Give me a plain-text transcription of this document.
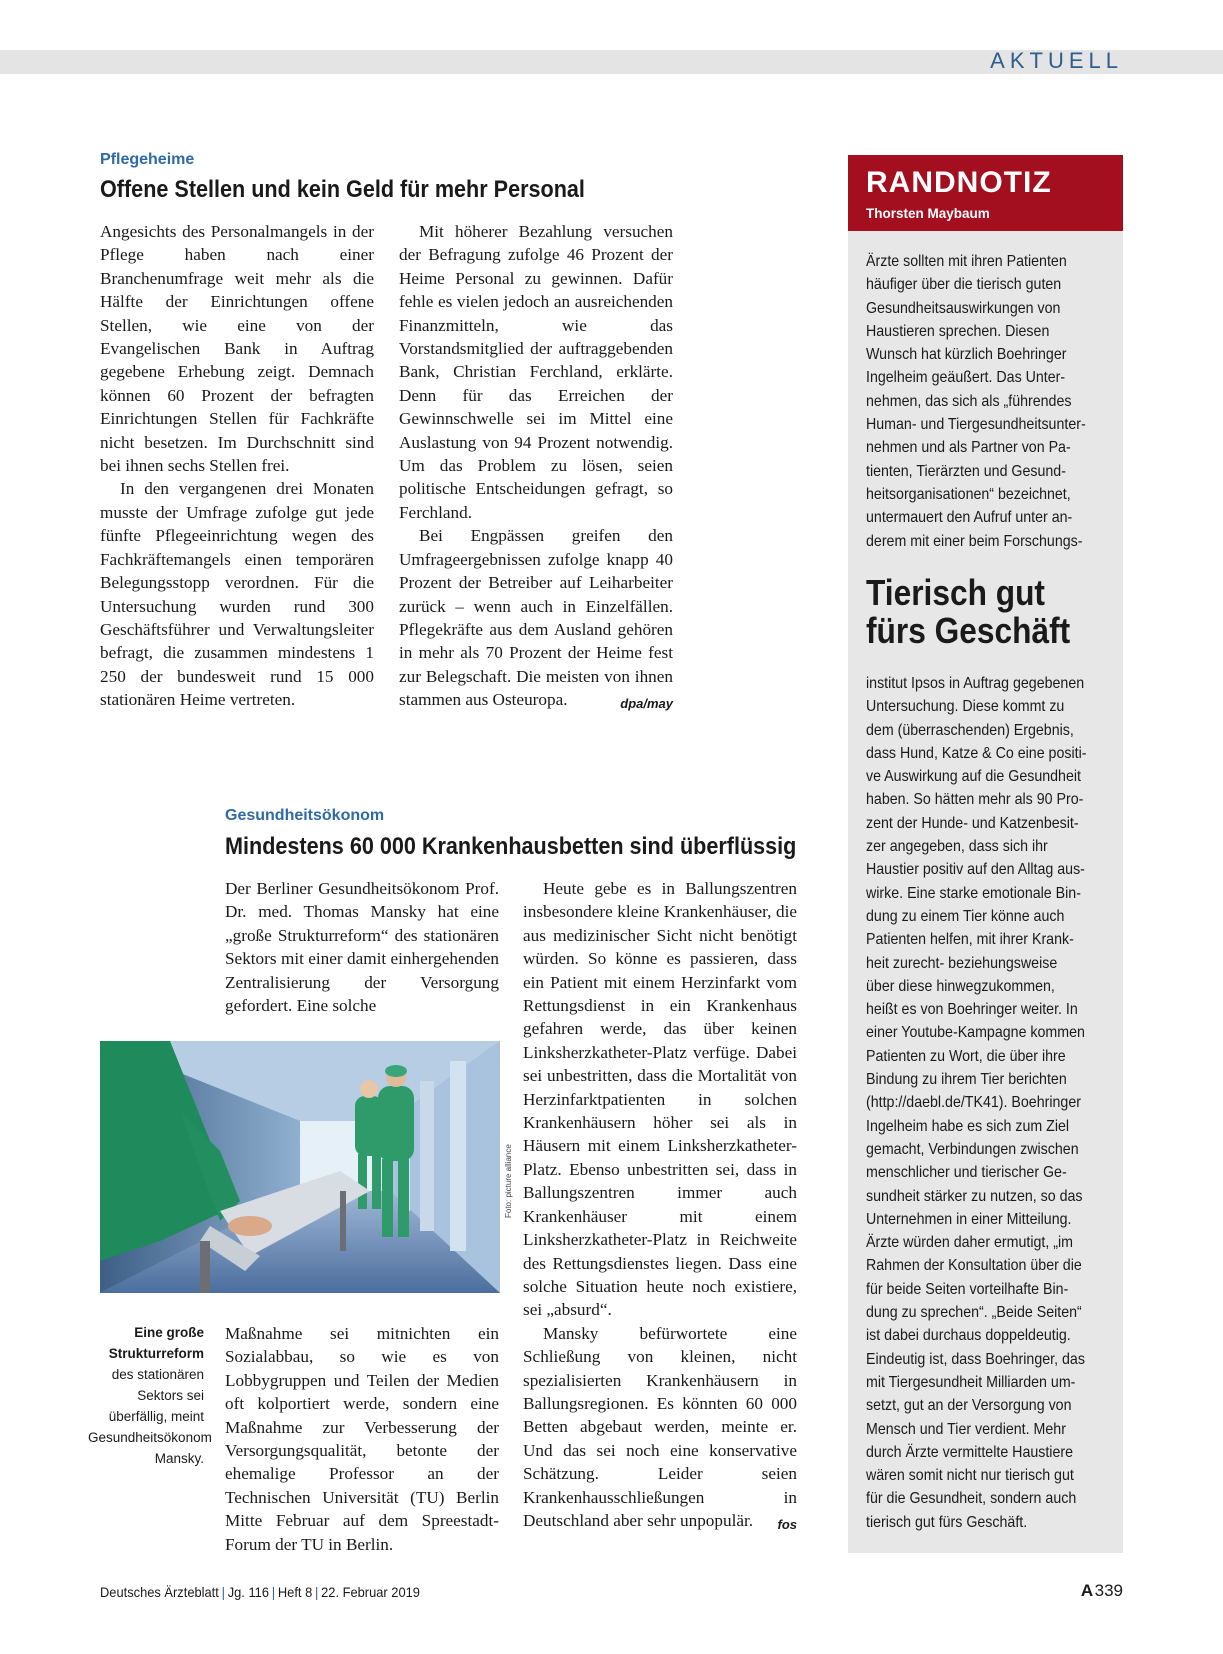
AKTUELL
Pflegeheime
Offene Stellen und kein Geld für mehr Personal

Angesichts des Personalmangels in der Pflege haben nach einer Branchenumfrage weit mehr als die Hälfte der Einrichtungen offene Stellen, wie eine von der Evangelischen Bank in Auftrag gegebene Erhebung zeigt. Demnach können 60 Prozent der befragten Einrichtungen Stellen für Fachkräfte nicht besetzen. Im Durchschnitt sind bei ihnen sechs Stellen frei.

In den vergangenen drei Monaten musste der Umfrage zufolge gut jede fünfte Pflegeeinrichtung wegen des Fachkräftemangels einen temporären Belegungsstopp verordnen. Für die Untersuchung wurden rund 300 Geschäftsführer und Verwaltungsleiter befragt, die zusammen mindestens 1 250 der bundesweit rund 15 000 stationären Heime vertreten.

Mit höherer Bezahlung versuchen der Befragung zufolge 46 Prozent der Heime Personal zu gewinnen. Dafür fehle es vielen jedoch an ausreichenden Finanzmitteln, wie das Vorstandsmitglied der auftraggebenden Bank, Christian Ferchland, erklärte. Denn für das Erreichen der Gewinnschwelle sei im Mittel eine Auslastung von 94 Prozent notwendig. Um das Problem zu lösen, seien politische Entscheidungen gefragt, so Ferchland.

Bei Engpässen greifen den Umfrageergebnissen zufolge knapp 40 Prozent der Betreiber auf Leiharbeiter zurück – wenn auch in Einzelfällen. Pflegekräfte aus dem Ausland gehören in mehr als 70 Prozent der Heime fest zur Belegschaft. Die meisten von ihnen stammen aus Osteuropa.	dpa/may

Gesundheitsökonom
Mindestens 60 000 Krankenhausbetten sind überflüssig

Der Berliner Gesundheitsökonom Prof. Dr. med. Thomas Mansky hat eine „große Strukturreform“ des stationären Sektors mit einer damit einhergehenden Zentralisierung der Versorgung gefordert. Eine solche

Foto: picture alliance
Eine große Strukturreform des stationären Sektors sei überfällig, meint Gesundheitsökonom Mansky.

Maßnahme sei mitnichten ein Sozialabbau, so wie es von Lobbygruppen und Teilen der Medien oft kolportiert werde, sondern eine Maßnahme zur Verbesserung der Versorgungsqualität, betonte der ehemalige Professor an der Technischen Universität (TU) Berlin Mitte Februar auf dem Spreestadt-Forum der TU in Berlin.

Heute gebe es in Ballungszentren insbesondere kleine Krankenhäuser, die aus medizinischer Sicht nicht benötigt würden. So könne es passieren, dass ein Patient mit einem Herzinfarkt vom Rettungsdienst in ein Krankenhaus gefahren werde, das über keinen Linksherzkatheter-Platz verfüge. Dabei sei unbestritten, dass die Mortalität von Herzinfarktpatienten in solchen Krankenhäusern höher sei als in Häusern mit einem Linksherzkatheter-Platz. Ebenso unbestritten sei, dass in Ballungszentren immer auch Krankenhäuser mit einem Linksherzkatheter-Platz in Reichweite des Rettungsdienstes liegen. Dass eine solche Situation heute noch existiere, sei „absurd“.

Mansky befürwortete eine Schließung von kleinen, nicht spezialisierten Krankenhäusern in Ballungsregionen. Es könnten 60 000 Betten abgebaut werden, meinte er. Und das sei noch eine konservative Schätzung. Leider seien Krankenhausschließungen in Deutschland aber sehr unpopulär.	fos

RANDNOTIZ
Thorsten Maybaum

Ärzte sollten mit ihren Patienten

häufiger über die tierisch guten

Gesundheitsauswirkungen von

Haustieren sprechen. Diesen

Wunsch hat kürzlich Boehringer

Ingelheim geäußert. Das Unter-

nehmen, das sich als „führendes

Human- und Tiergesundheitsunter-

nehmen und als Partner von Pa-

tienten, Tierärzten und Gesund-

heitsorganisationen“ bezeichnet,

untermauert den Aufruf unter an-

derem mit einer beim Forschungs-

Tierisch gut
fürs Geschäft

institut Ipsos in Auftrag gegebenen

Untersuchung. Diese kommt zu

dem (überraschenden) Ergebnis,

dass Hund, Katze & Co eine positi-

ve Auswirkung auf die Gesundheit

haben. So hätten mehr als 90 Pro-

zent der Hunde- und Katzenbesit-

zer angegeben, dass sich ihr

Haustier positiv auf den Alltag aus-

wirke. Eine starke emotionale Bin-

dung zu einem Tier könne auch

Patienten helfen, mit ihrer Krank-

heit zurecht- beziehungsweise

über diese hinwegzukommen,

heißt es von Boehringer weiter. In

einer Youtube-Kampagne kommen

Patienten zu Wort, die über ihre

Bindung zu ihrem Tier berichten

(http://daebl.de/TK41). Boehringer

Ingelheim habe es sich zum Ziel

gemacht, Verbindungen zwischen

menschlicher und tierischer Ge-

sundheit stärker zu nutzen, so das

Unternehmen in einer Mitteilung.

Ärzte würden daher ermutigt, „im

Rahmen der Konsultation über die

für beide Seiten vorteilhafte Bin-

dung zu sprechen“. „Beide Seiten“

ist dabei durchaus doppeldeutig.

Eindeutig ist, dass Boehringer, das

mit Tiergesundheit Milliarden um-

setzt, gut an der Versorgung von

Mensch und Tier verdient. Mehr

durch Ärzte vermittelte Haustiere

wären somit nicht nur tierisch gut

für die Gesundheit, sondern auch

tierisch gut fürs Geschäft.

Deutsches Ärzteblatt | Jg. 116 | Heft 8 | 22. Februar 2019	A 339
